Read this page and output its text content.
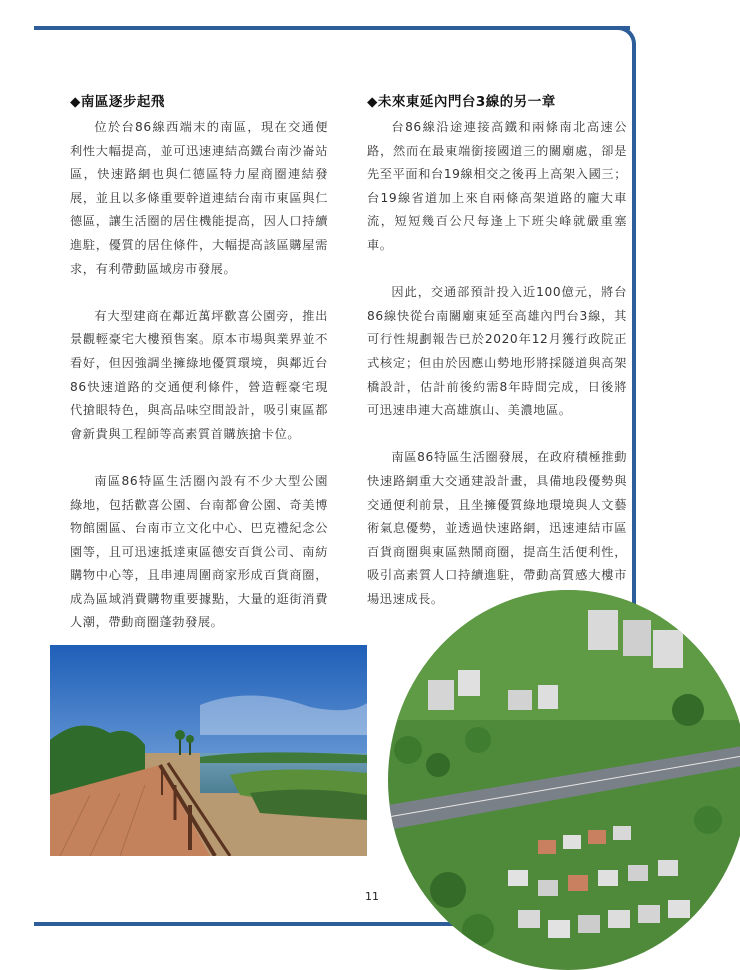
◆南區逐步起飛

位於台86線西端末的南區，現在交通便利性大幅提高，並可迅速連結高鐵台南沙崙站區，快速路網也與仁德區特力屋商圈連結發展，並且以多條重要幹道連結台南市東區與仁德區，讓生活圈的居住機能提高，因人口持續進駐，優質的居住條件，大幅提高該區購屋需求，有利帶動區域房市發展。

有大型建商在鄰近萬坪歡喜公園旁，推出景觀輕豪宅大樓預售案。原本市場與業界並不看好，但因強調坐擁綠地優質環境，與鄰近台86快速道路的交通便利條件，營造輕豪宅現代搶眼特色，與高品味空間設計，吸引東區都會新貴與工程師等高素質首購族搶卡位。

南區86特區生活圈內設有不少大型公園綠地，包括歡喜公園、台南都會公園、奇美博物館園區、台南市立文化中心、巴克禮紀念公園等，且可迅速抵達東區德安百貨公司、南紡購物中心等，且串連周圍商家形成百貨商圈，成為區域消費購物重要據點，大量的逛街消費人潮，帶動商圈蓬勃發展。

◆未來東延內門台3線的另一章

台86線沿途連接高鐵和兩條南北高速公路，然而在最東端銜接國道三的關廟處，卻是先至平面和台19線相交之後再上高架入國三；台19線省道加上來自兩條高架道路的龐大車流，短短幾百公尺每逢上下班尖峰就嚴重塞車。

因此，交通部預計投入近100億元，將台86線快從台南關廟東延至高雄內門台3線，其可行性規劃報告已於2020年12月獲行政院正式核定；但由於因應山勢地形將採隧道與高架橋設計，估計前後約需8年時間完成，日後將可迅速串連大高雄旗山、美濃地區。

南區86特區生活圈發展，在政府積極推動快速路網重大交通建設計畫，具備地段優勢與交通便利前景，且坐擁優質綠地環境與人文藝術氣息優勢，並透過快速路網，迅速連結市區百貨商圈與東區熱鬧商圈，提高生活便利性，吸引高素質人口持續進駐，帶動高質感大樓市場迅速成長。

11
